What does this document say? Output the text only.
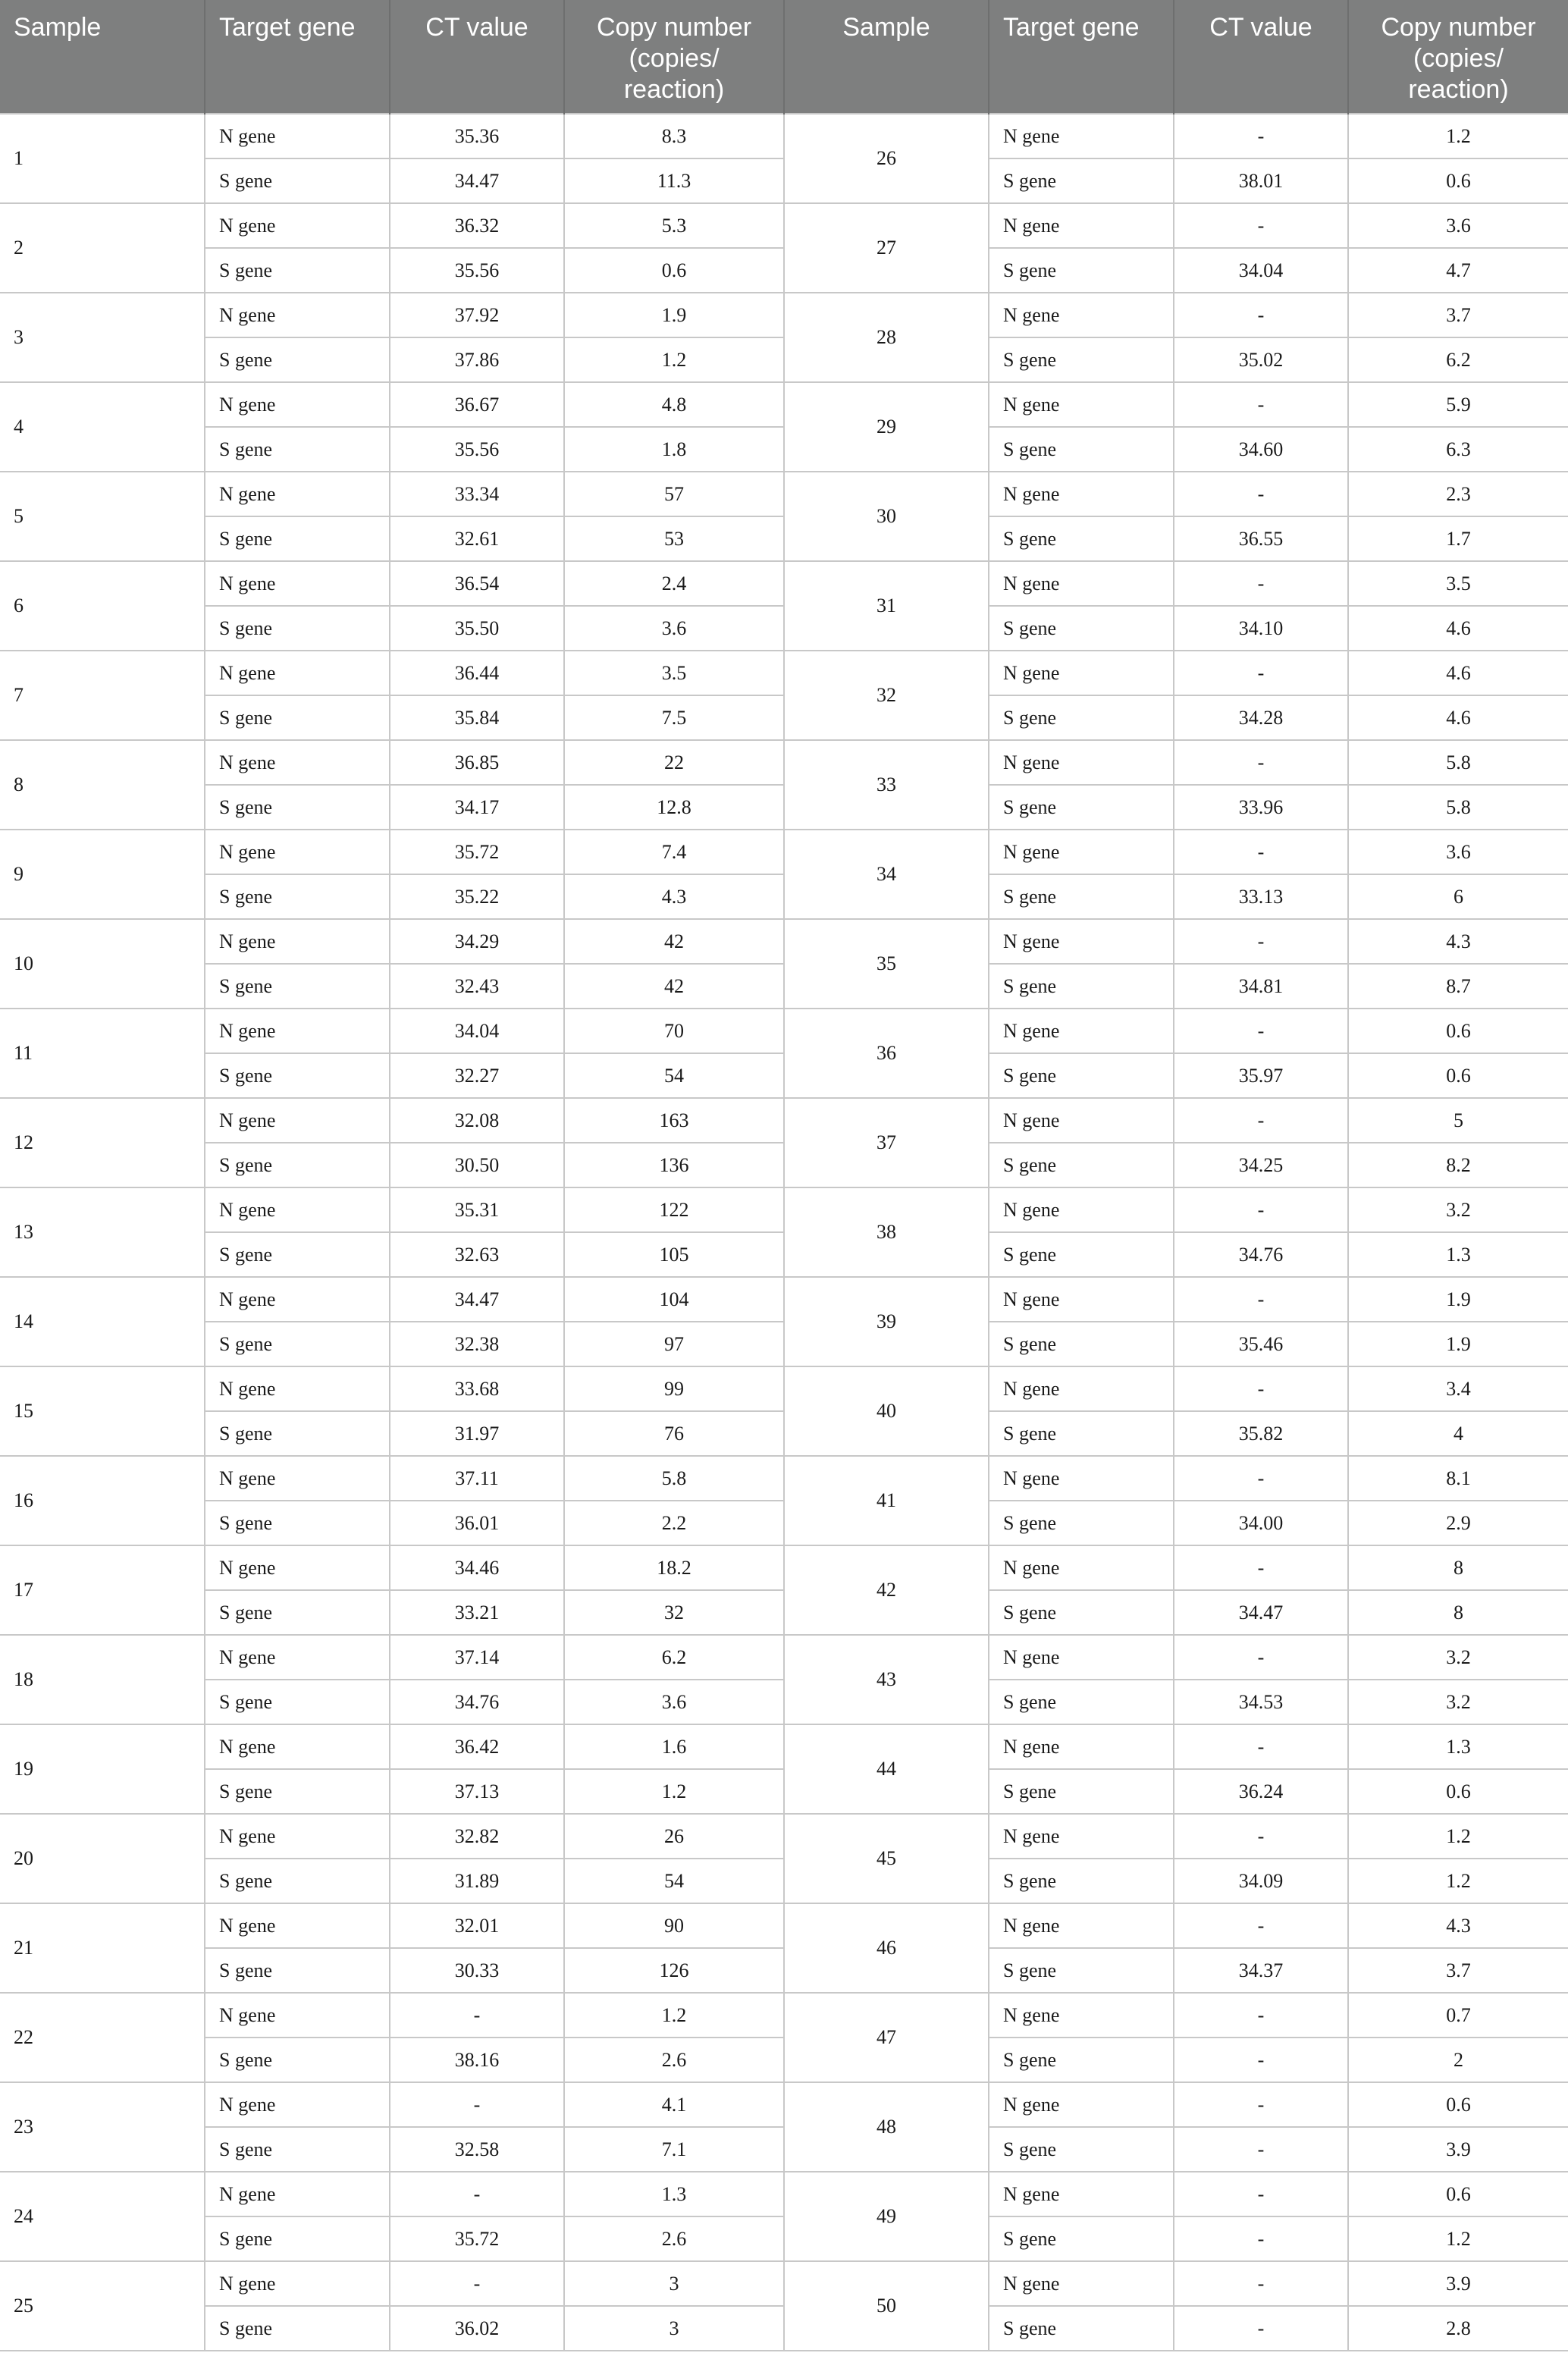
Sample	Target gene	CT value	Copy number (copies/ reaction)	Sample	Target gene	CT value	Copy number (copies/ reaction)
1	N gene	35.36	8.3	26	N gene	-	1.2
	S gene	34.47	11.3		S gene	38.01	0.6
2	N gene	36.32	5.3	27	N gene	-	3.6
	S gene	35.56	0.6		S gene	34.04	4.7
3	N gene	37.92	1.9	28	N gene	-	3.7
	S gene	37.86	1.2		S gene	35.02	6.2
4	N gene	36.67	4.8	29	N gene	-	5.9
	S gene	35.56	1.8		S gene	34.60	6.3
5	N gene	33.34	57	30	N gene	-	2.3
	S gene	32.61	53		S gene	36.55	1.7
6	N gene	36.54	2.4	31	N gene	-	3.5
	S gene	35.50	3.6		S gene	34.10	4.6
7	N gene	36.44	3.5	32	N gene	-	4.6
	S gene	35.84	7.5		S gene	34.28	4.6
8	N gene	36.85	22	33	N gene	-	5.8
	S gene	34.17	12.8		S gene	33.96	5.8
9	N gene	35.72	7.4	34	N gene	-	3.6
	S gene	35.22	4.3		S gene	33.13	6
10	N gene	34.29	42	35	N gene	-	4.3
	S gene	32.43	42		S gene	34.81	8.7
11	N gene	34.04	70	36	N gene	-	0.6
	S gene	32.27	54		S gene	35.97	0.6
12	N gene	32.08	163	37	N gene	-	5
	S gene	30.50	136		S gene	34.25	8.2
13	N gene	35.31	122	38	N gene	-	3.2
	S gene	32.63	105		S gene	34.76	1.3
14	N gene	34.47	104	39	N gene	-	1.9
	S gene	32.38	97		S gene	35.46	1.9
15	N gene	33.68	99	40	N gene	-	3.4
	S gene	31.97	76		S gene	35.82	4
16	N gene	37.11	5.8	41	N gene	-	8.1
	S gene	36.01	2.2		S gene	34.00	2.9
17	N gene	34.46	18.2	42	N gene	-	8
	S gene	33.21	32		S gene	34.47	8
18	N gene	37.14	6.2	43	N gene	-	3.2
	S gene	34.76	3.6		S gene	34.53	3.2
19	N gene	36.42	1.6	44	N gene	-	1.3
	S gene	37.13	1.2		S gene	36.24	0.6
20	N gene	32.82	26	45	N gene	-	1.2
	S gene	31.89	54		S gene	34.09	1.2
21	N gene	32.01	90	46	N gene	-	4.3
	S gene	30.33	126		S gene	34.37	3.7
22	N gene	-	1.2	47	N gene	-	0.7
	S gene	38.16	2.6		S gene	-	2
23	N gene	-	4.1	48	N gene	-	0.6
	S gene	32.58	7.1		S gene	-	3.9
24	N gene	-	1.3	49	N gene	-	0.6
	S gene	35.72	2.6		S gene	-	1.2
25	N gene	-	3	50	N gene	-	3.9
	S gene	36.02	3		S gene	-	2.8
